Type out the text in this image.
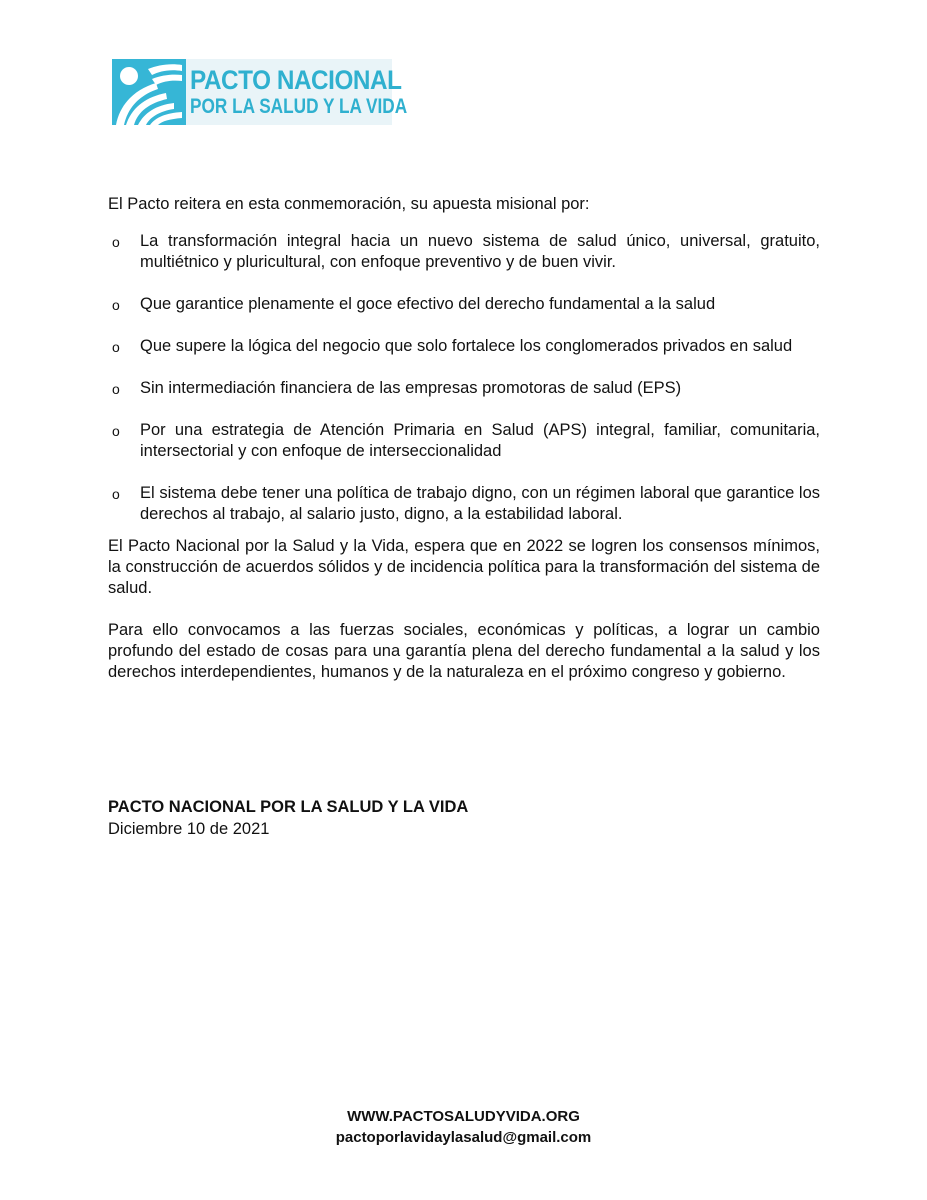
PACTO NACIONAL
POR LA SALUD Y LA VIDA

El Pacto reitera en esta conmemoración, su apuesta misional por:

o La transformación integral hacia un nuevo sistema de salud único, universal, gratuito, multiétnico y pluricultural, con enfoque preventivo y de buen vivir.
o Que garantice plenamente el goce efectivo del derecho fundamental a la salud
o Que supere la lógica del negocio que solo fortalece los conglomerados privados en salud
o Sin intermediación financiera de las empresas promotoras de salud (EPS)
o Por una estrategia de Atención Primaria en Salud (APS) integral, familiar, comunitaria, intersectorial y con enfoque de interseccionalidad
o El sistema debe tener una política de trabajo digno, con un régimen laboral que garantice los derechos al trabajo, al salario justo, digno, a la estabilidad laboral.

El Pacto Nacional por la Salud y la Vida, espera que en 2022 se logren los consensos mínimos, la construcción de acuerdos sólidos y de incidencia política para la transformación del sistema de salud.

Para ello convocamos a las fuerzas sociales, económicas y políticas, a lograr un cambio profundo del estado de cosas para una garantía plena del derecho fundamental a la salud y los derechos interdependientes, humanos y de la naturaleza en el próximo congreso y gobierno.

PACTO NACIONAL POR LA SALUD Y LA VIDA
Diciembre 10 de 2021
WWW.PACTOSALUDYVIDA.ORG
pactoporlavidaylasalud@gmail.com
